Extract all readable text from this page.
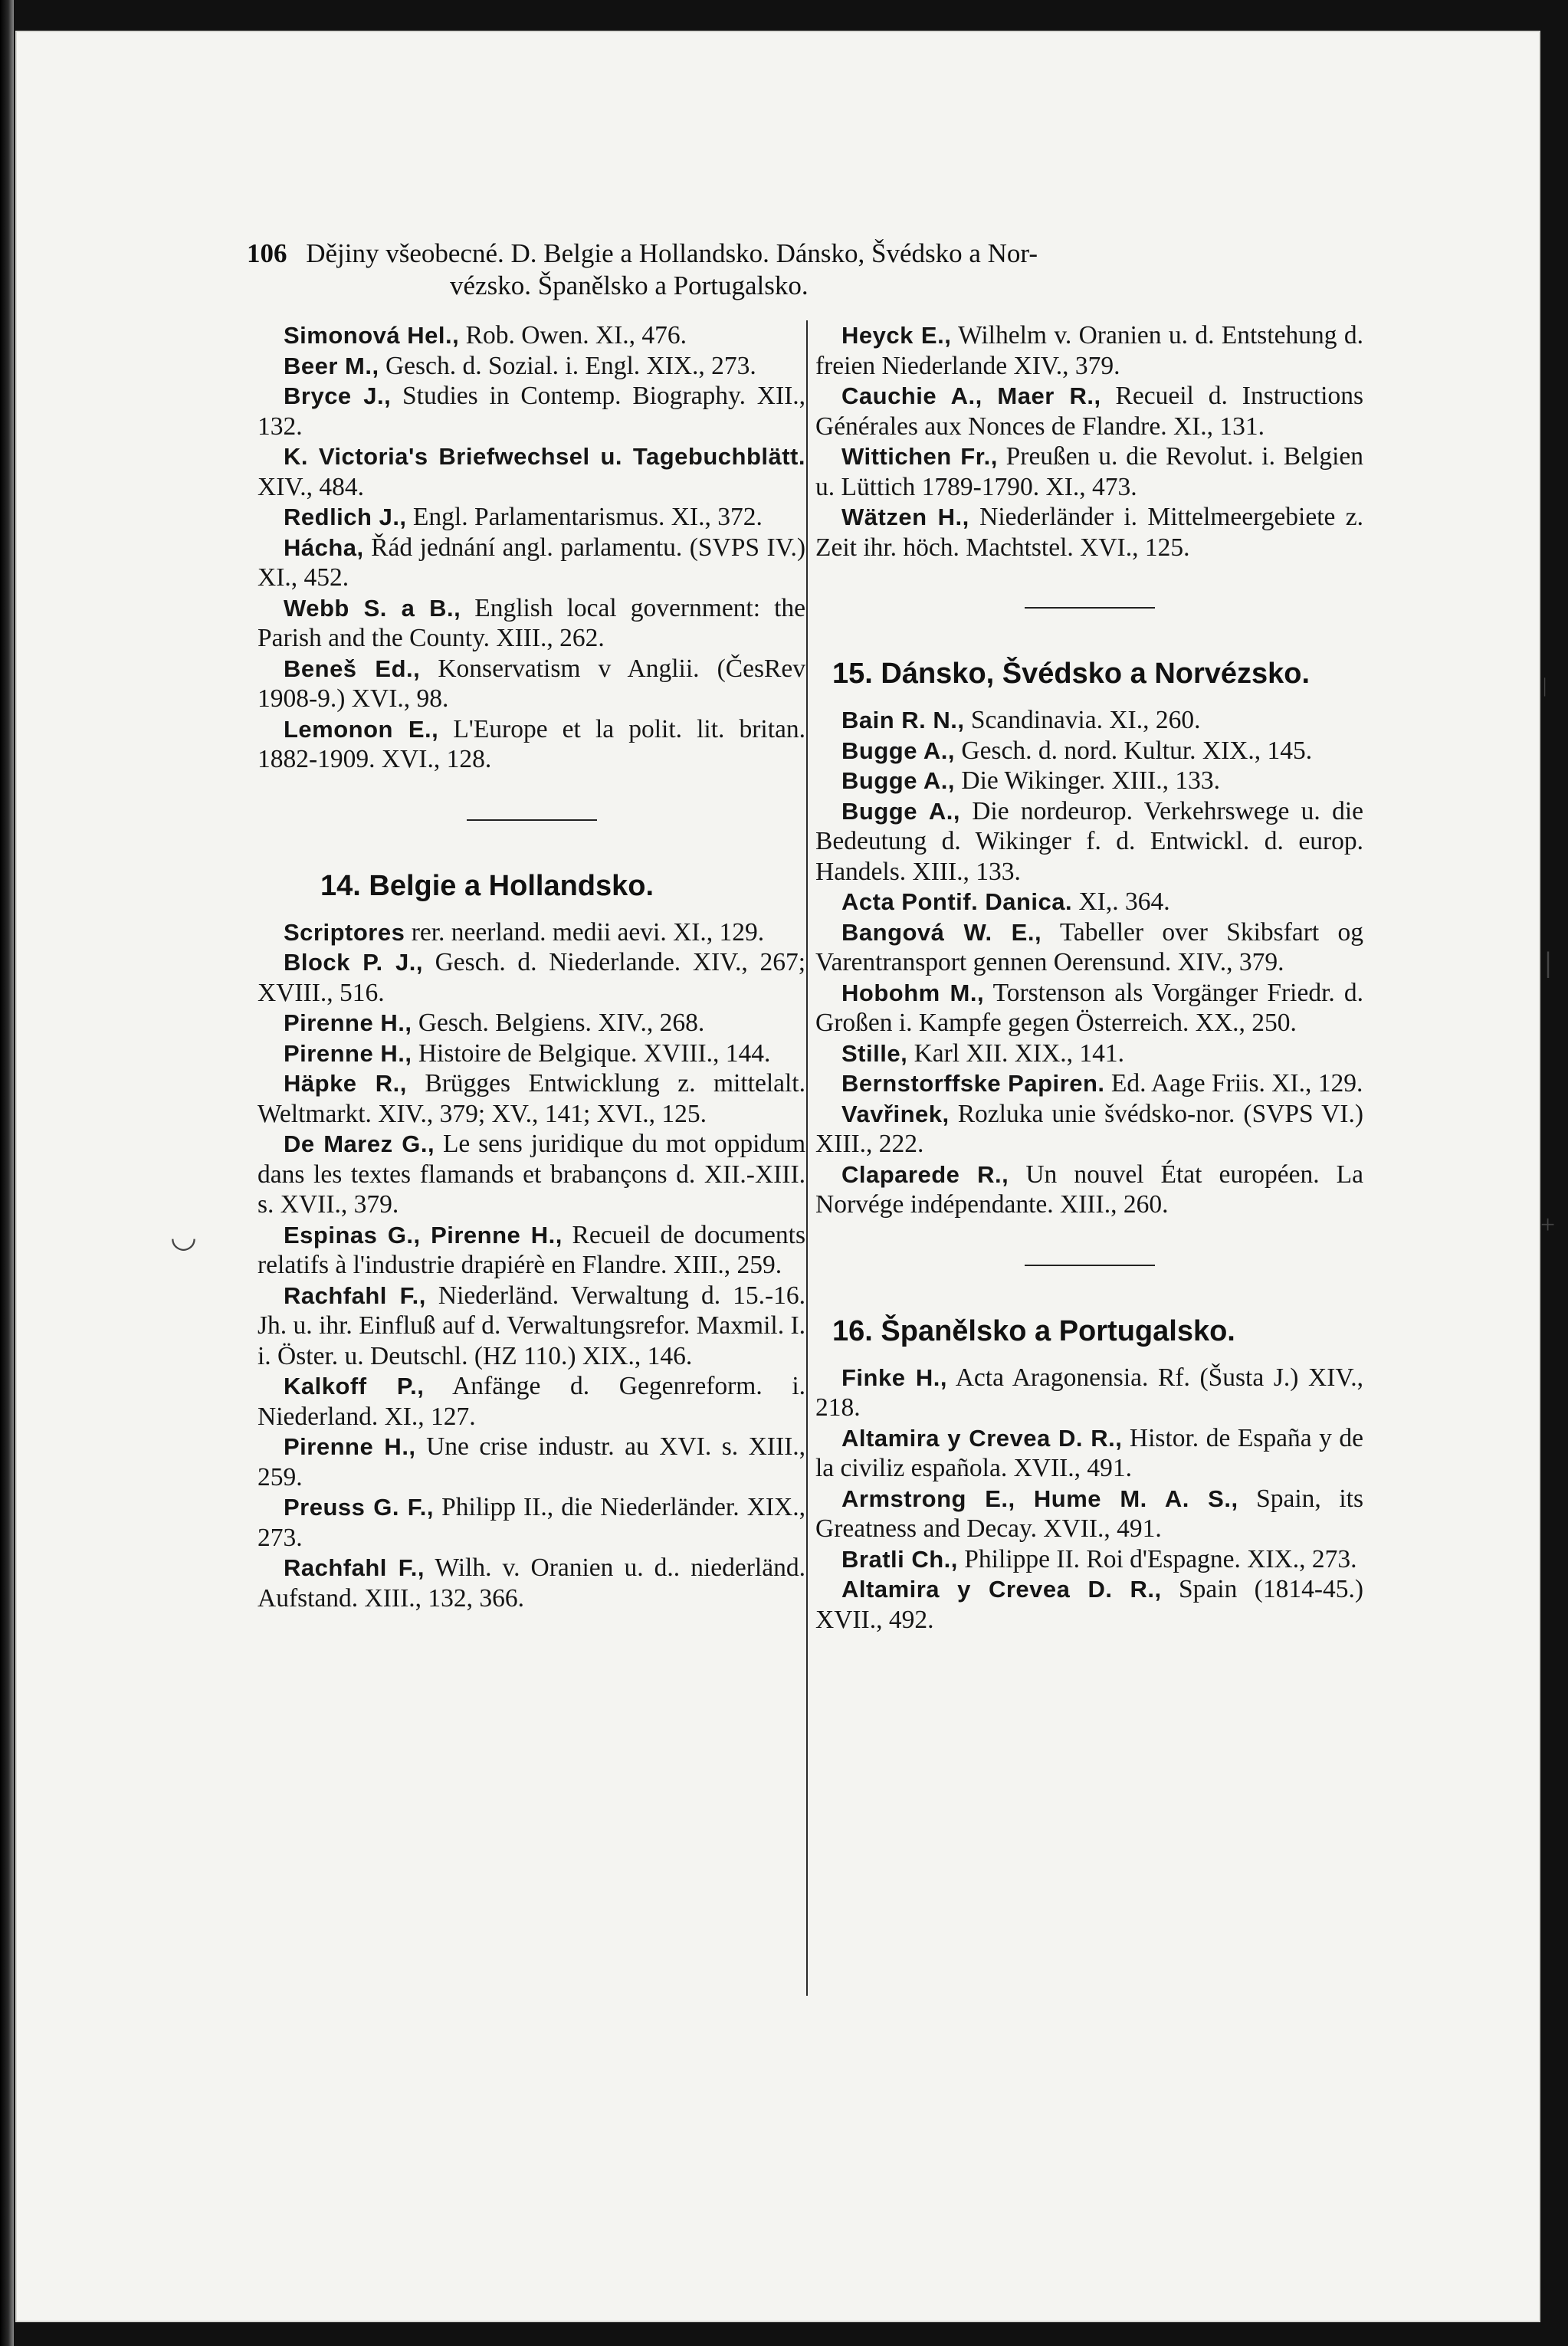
+
ǀ
◡
|
106 Dějiny všeobecné. D. Belgie a Hollandsko. Dánsko, Švédsko a Nor-
vézsko. Španělsko a Portugalsko.

Simonová Hel., Rob. Owen. XI., 476.

Beer M., Gesch. d. Sozial. i. Engl. XIX., 273.

Bryce J., Studies in Contemp. Biography. XII., 132.

K. Victoria's Briefwechsel u. Tagebuchblätt. XIV., 484.

Redlich J., Engl. Parlamentarismus. XI., 372.

Hácha, Řád jednání angl. parlamentu. (SVPS IV.) XI., 452.

Webb S. a B., English local government: the Parish and the County. XIII., 262.

Beneš Ed., Konservatism v Anglii. (ČesRev 1908-9.) XVI., 98.

Lemonon E., L'Europe et la polit. lit. britan. 1882-1909. XVI., 128.

14. Belgie a Hollandsko.

Scriptores rer. neerland. medii aevi. XI., 129.

Block P. J., Gesch. d. Niederlande. XIV., 267; XVIII., 516.

Pirenne H., Gesch. Belgiens. XIV., 268.

Pirenne H., Histoire de Belgique. XVIII., 144.

Häpke R., Brügges Entwicklung z. mittelalt. Weltmarkt. XIV., 379; XV., 141; XVI., 125.

De Marez G., Le sens juridique du mot oppidum dans les textes flamands et brabançons d. XII.-XIII. s. XVII., 379.

Espinas G., Pirenne H., Recueil de documents relatifs à l'industrie drapiérè en Flandre. XIII., 259.

Rachfahl F., Niederländ. Verwaltung d. 15.-16. Jh. u. ihr. Einfluß auf d. Verwaltungsrefor. Maxmil. I. i. Öster. u. Deutschl. (HZ 110.) XIX., 146.

Kalkoff P., Anfänge d. Gegenreform. i. Niederland. XI., 127.

Pirenne H., Une crise industr. au XVI. s. XIII., 259.

Preuss G. F., Philipp II., die Niederländer. XIX., 273.

Rachfahl F., Wilh. v. Oranien u. d.. niederländ. Aufstand. XIII., 132, 366.

Heyck E., Wilhelm v. Oranien u. d. Entstehung d. freien Niederlande XIV., 379.

Cauchie A., Maer R., Recueil d. Instructions Générales aux Nonces de Flandre. XI., 131.

Wittichen Fr., Preußen u. die Revolut. i. Belgien u. Lüttich 1789-1790. XI., 473.

Wätzen H., Niederländer i. Mittelmeergebiete z. Zeit ihr. höch. Machtstel. XVI., 125.

15. Dánsko, Švédsko a Norvézsko.

Bain R. N., Scandinavia. XI., 260.

Bugge A., Gesch. d. nord. Kultur. XIX., 145.

Bugge A., Die Wikinger. XIII., 133.

Bugge A., Die nordeurop. Verkehrswege u. die Bedeutung d. Wikinger f. d. Entwickl. d. europ. Handels. XIII., 133.

Acta Pontif. Danica. XI,. 364.

Bangová W. E., Tabeller over Skibsfart og Varentransport gennen Oerensund. XIV., 379.

Hobohm M., Torstenson als Vorgänger Friedr. d. Großen i. Kampfe gegen Österreich. XX., 250.

Stille, Karl XII. XIX., 141.

Bernstorffske Papiren. Ed. Aage Friis. XI., 129.

Vavřinek, Rozluka unie švédsko-nor. (SVPS VI.) XIII., 222.

Claparede R., Un nouvel État européen. La Norvége indépendante. XIII., 260.

16. Španělsko a Portugalsko.

Finke H., Acta Aragonensia. Rf. (Šusta J.) XIV., 218.

Altamira y Crevea D. R., Histor. de España y de la civiliz española. XVII., 491.

Armstrong E., Hume M. A. S., Spain, its Greatness and Decay. XVII., 491.

Bratli Ch., Philippe II. Roi d'Espagne. XIX., 273.

Altamira y Crevea D. R., Spain (1814-45.) XVII., 492.
